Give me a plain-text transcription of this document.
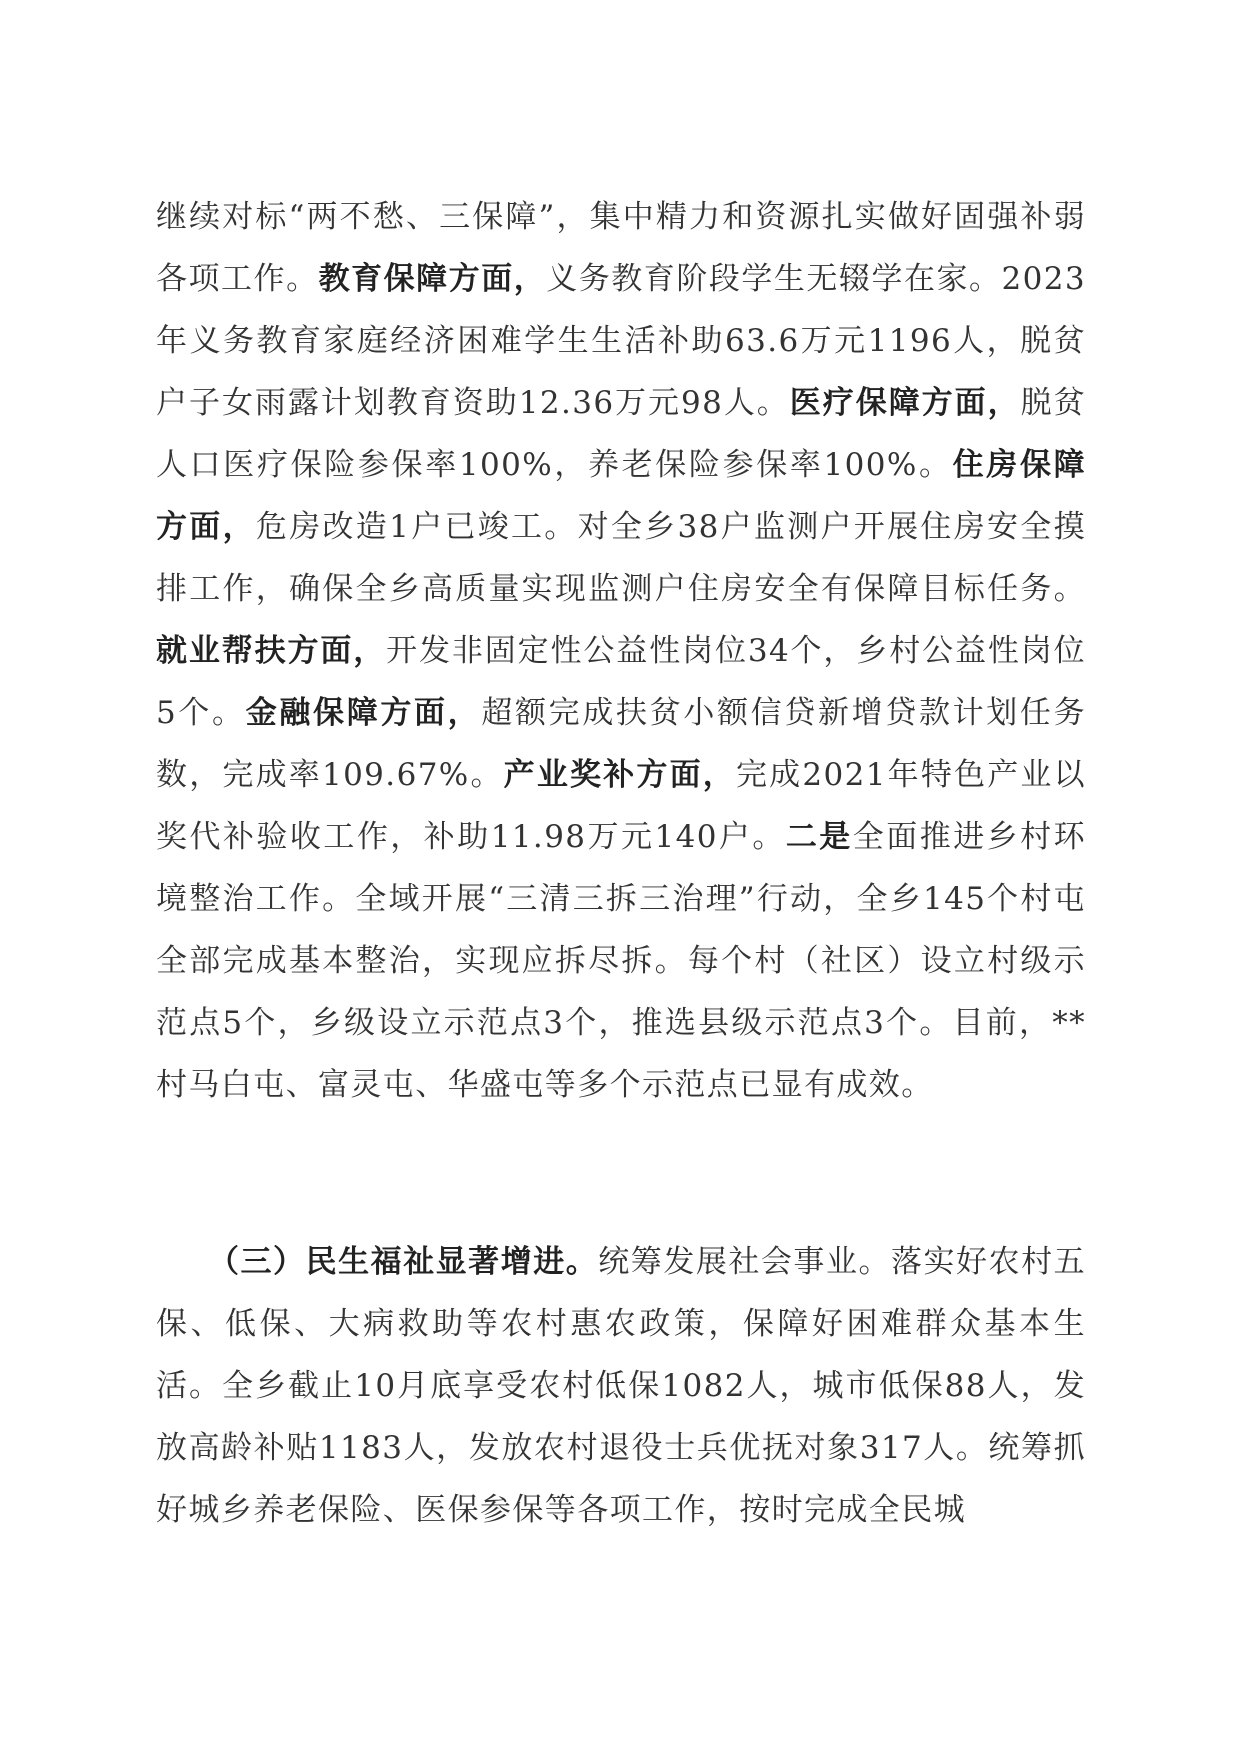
继续对标“两不愁、三保障”，集中精力和资源扎实做好固强补弱各项工作。教育保障方面，义务教育阶段学生无辍学在家。2023年义务教育家庭经济困难学生生活补助63.6万元1196人，脱贫户子女雨露计划教育资助12.36万元98人。医疗保障方面，脱贫人口医疗保险参保率100%，养老保险参保率100%。住房保障方面，危房改造1户已竣工。对全乡38户监测户开展住房安全摸排工作，确保全乡高质量实现监测户住房安全有保障目标任务。就业帮扶方面，开发非固定性公益性岗位34个，乡村公益性岗位5个。金融保障方面，超额完成扶贫小额信贷新增贷款计划任务数，完成率109.67%。产业奖补方面，完成2021年特色产业以奖代补验收工作，补助11.98万元140户。二是全面推进乡村环境整治工作。全域开展“三清三拆三治理”行动，全乡145个村屯全部完成基本整治，实现应拆尽拆。每个村（社区）设立村级示范点5个，乡级设立示范点3个，推选县级示范点3个。目前，**村马白屯、富灵屯、华盛屯等多个示范点已显有成效。

（三）民生福祉显著增进。统筹发展社会事业。落实好农村五保、低保、大病救助等农村惠农政策，保障好困难群众基本生活。全乡截止10月底享受农村低保1082人，城市低保88人，发放高龄补贴1183人，发放农村退役士兵优抚对象317人。统筹抓好城乡养老保险、医保参保等各项工作，按时完成全民城
